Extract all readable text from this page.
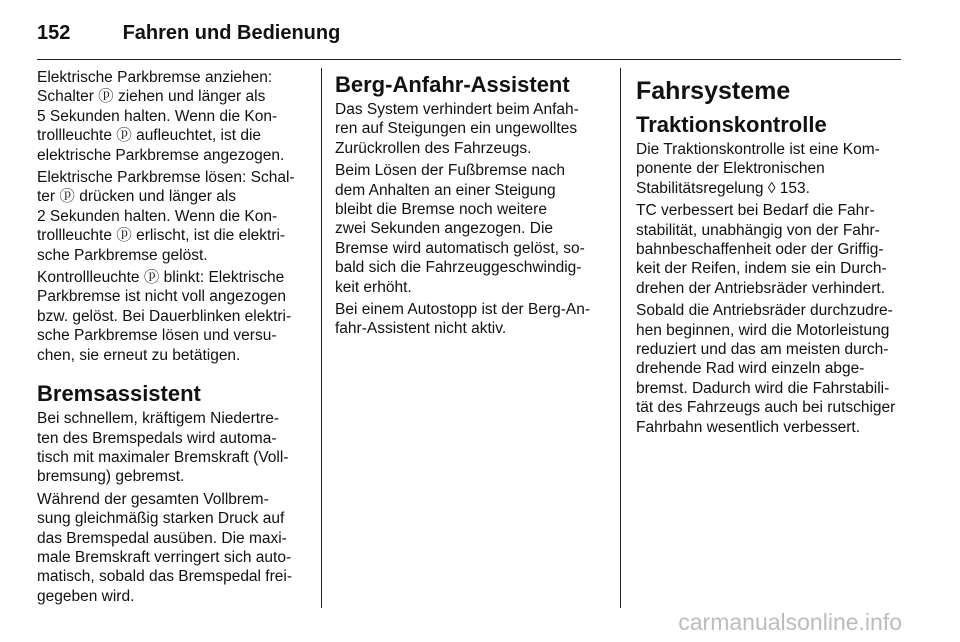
152	Fahren und Bedienung

Elektrische Parkbremse anziehen:
Schalter ⓟ ziehen und länger als
5 Sekunden halten. Wenn die Kon-
trollleuchte ⓟ aufleuchtet, ist die
elektrische Parkbremse angezogen.

Elektrische Parkbremse lösen: Schal-
ter ⓟ drücken und länger als
2 Sekunden halten. Wenn die Kon-
trollleuchte ⓟ erlischt, ist die elektri-
sche Parkbremse gelöst.

Kontrollleuchte ⓟ blinkt: Elektrische
Parkbremse ist nicht voll angezogen
bzw. gelöst. Bei Dauerblinken elektri-
sche Parkbremse lösen und versu-
chen, sie erneut zu betätigen.

Bremsassistent

Bei schnellem, kräftigem Niedertre-
ten des Bremspedals wird automa-
tisch mit maximaler Bremskraft (Voll-
bremsung) gebremst.

Während der gesamten Vollbrem-
sung gleichmäßig starken Druck auf
das Bremspedal ausüben. Die maxi-
male Bremskraft verringert sich auto-
matisch, sobald das Bremspedal frei-
gegeben wird.

Berg-Anfahr-Assistent

Das System verhindert beim Anfah-
ren auf Steigungen ein ungewolltes
Zurückrollen des Fahrzeugs.

Beim Lösen der Fußbremse nach
dem Anhalten an einer Steigung
bleibt die Bremse noch weitere
zwei Sekunden angezogen. Die
Bremse wird automatisch gelöst, so-
bald sich die Fahrzeuggeschwindig-
keit erhöht.

Bei einem Autostopp ist der Berg-An-
fahr-Assistent nicht aktiv.

Fahrsysteme
Traktionskontrolle

Die Traktionskontrolle ist eine Kom-
ponente der Elektronischen
Stabilitätsregelung ◊ 153.

TC verbessert bei Bedarf die Fahr-
stabilität, unabhängig von der Fahr-
bahnbeschaffenheit oder der Griffig-
keit der Reifen, indem sie ein Durch-
drehen der Antriebsräder verhindert.

Sobald die Antriebsräder durchzudre-
hen beginnen, wird die Motorleistung
reduziert und das am meisten durch-
drehende Rad wird einzeln abge-
bremst. Dadurch wird die Fahrstabili-
tät des Fahrzeugs auch bei rutschiger
Fahrbahn wesentlich verbessert.

carmanualsonline.info
